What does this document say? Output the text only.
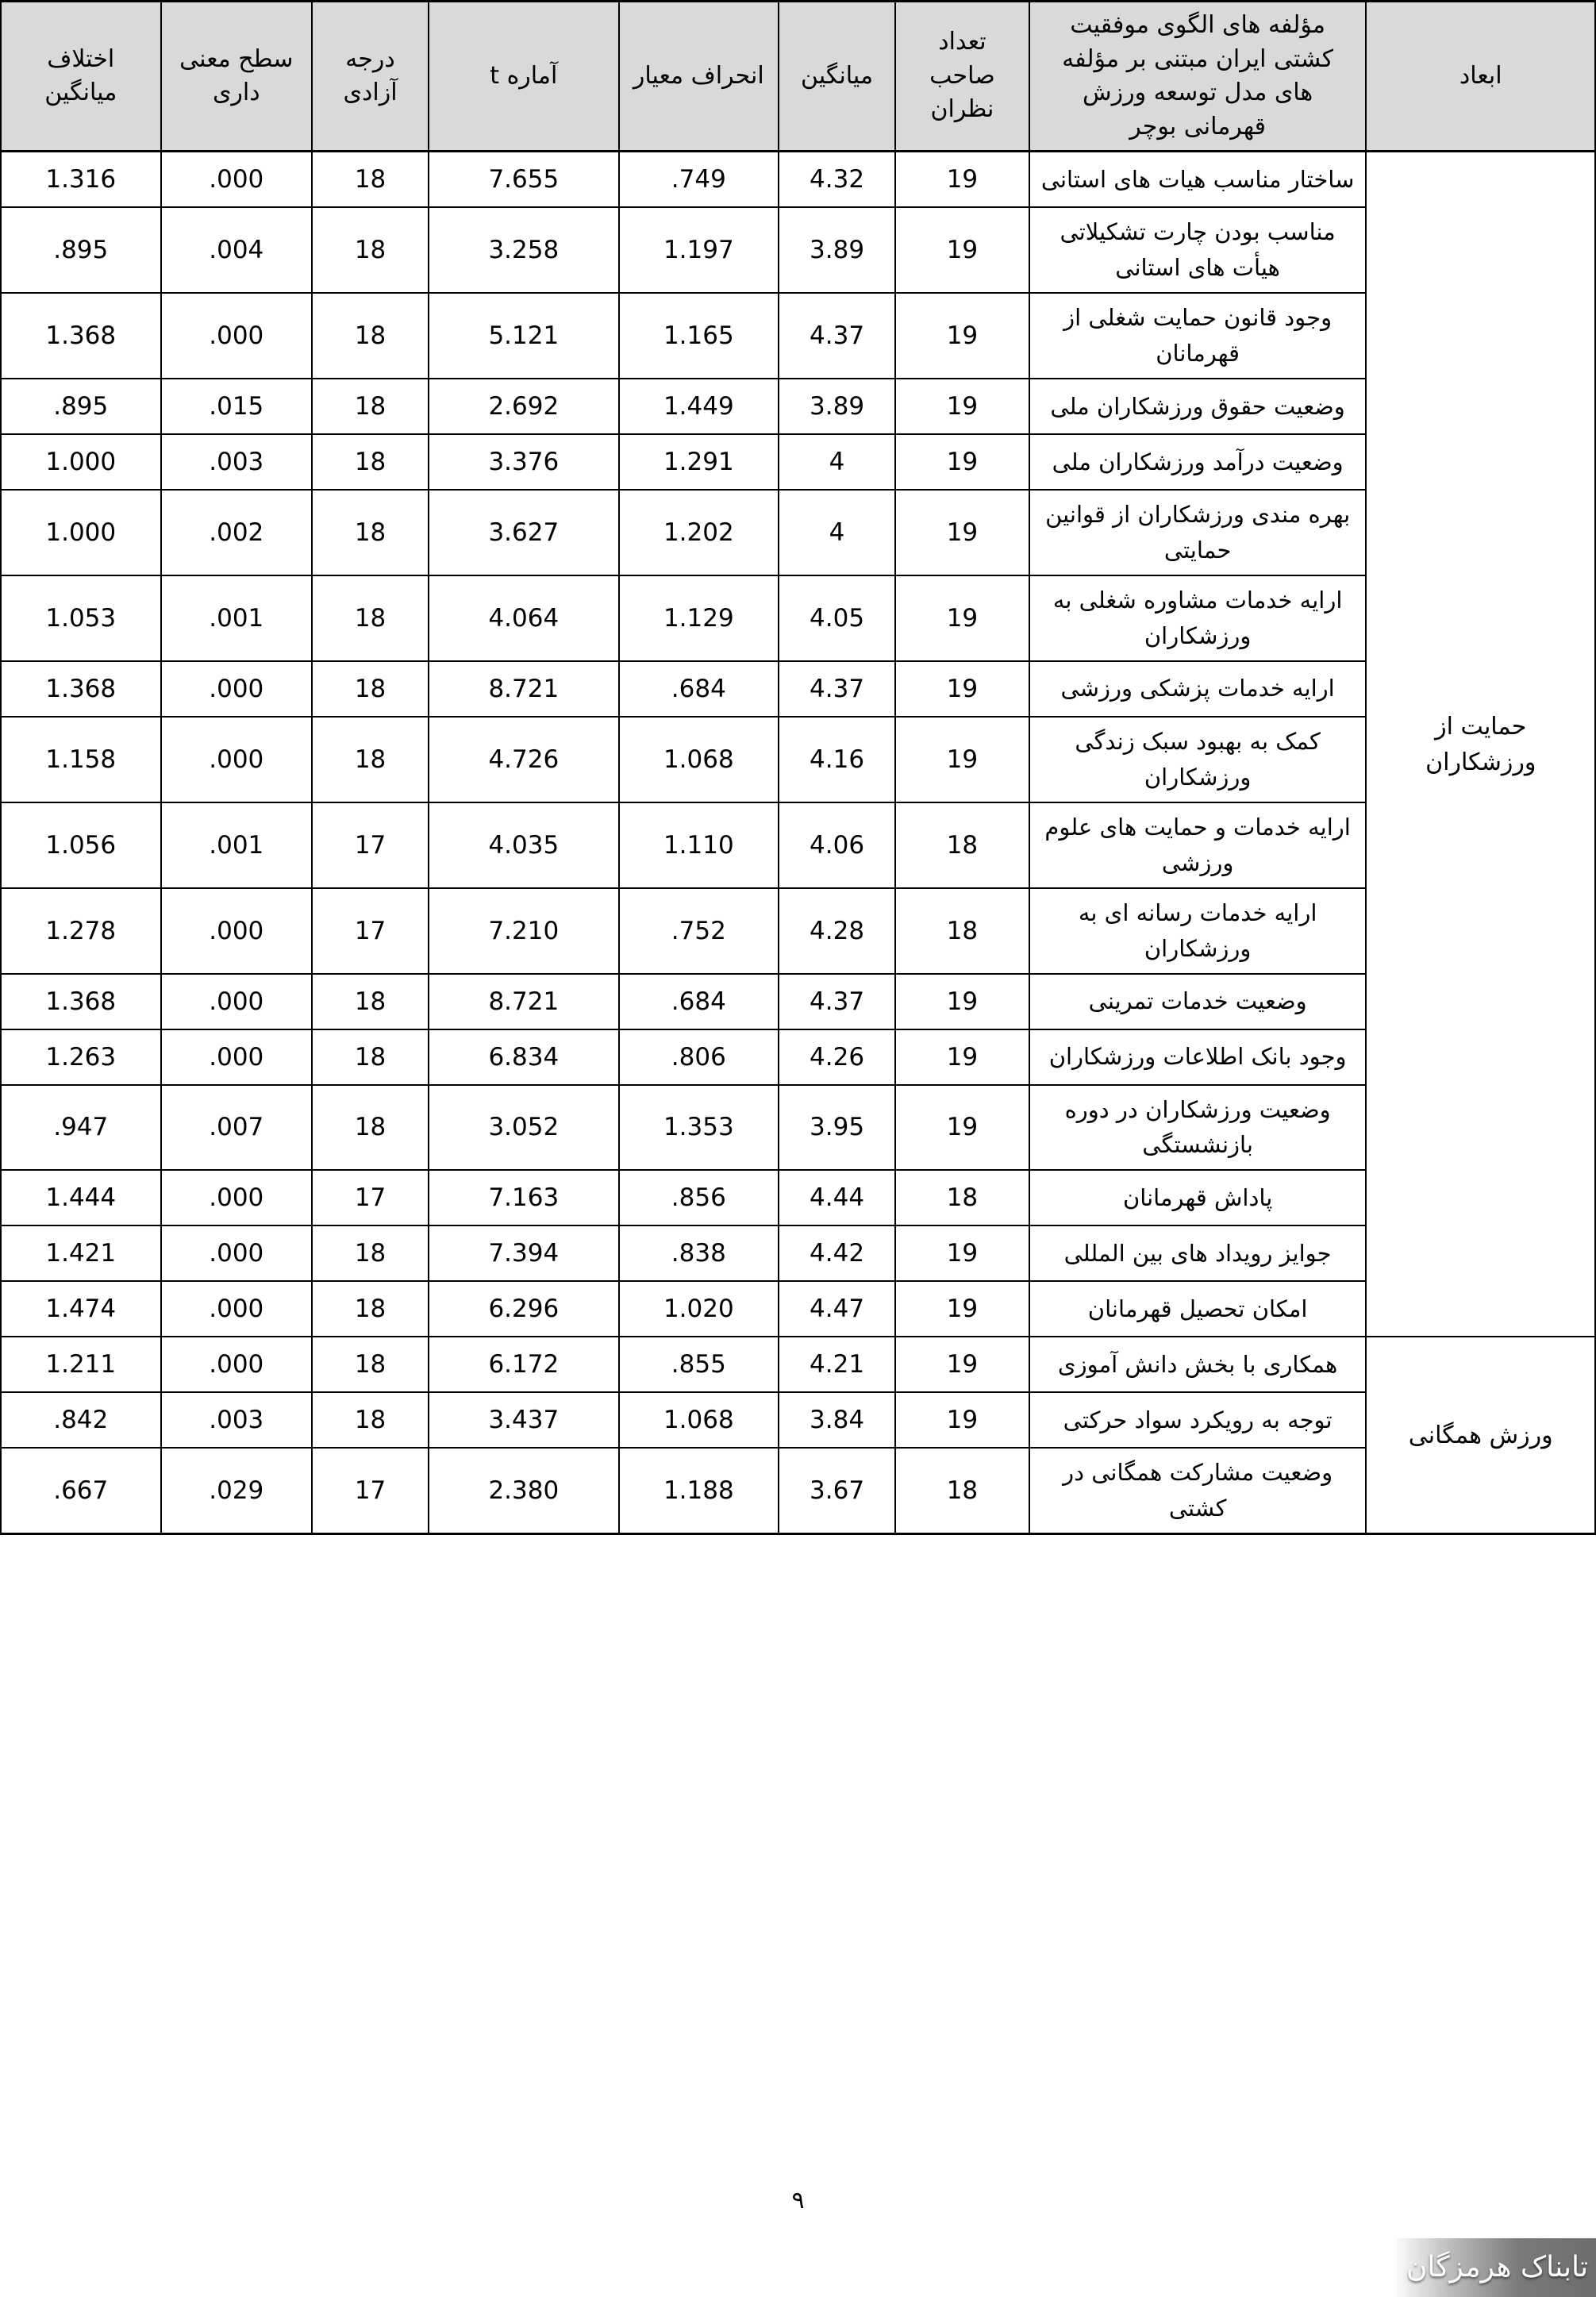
ابعاد	مؤلفه های الگوی موفقیت کشتی ایران مبتنی بر مؤلفه های مدل توسعه ورزش قهرمانی بوچر	تعداد صاحب نظران	میانگین	انحراف معیار	آماره t	درجه آزادی	سطح معنی داری	اختلاف میانگین
حمایت از ورزشکاران	ساختار مناسب هیات های استانی	19	4.32	.749	7.655	18	.000	1.316
	مناسب بودن چارت تشکیلاتی هیأت های استانی	19	3.89	1.197	3.258	18	.004	.895
	وجود قانون حمایت شغلی از قهرمانان	19	4.37	1.165	5.121	18	.000	1.368
	وضعیت حقوق ورزشکاران ملی	19	3.89	1.449	2.692	18	.015	.895
	وضعیت درآمد ورزشکاران ملی	19	4	1.291	3.376	18	.003	1.000
	بهره مندی ورزشکاران از قوانین حمایتی	19	4	1.202	3.627	18	.002	1.000
	ارایه خدمات مشاوره شغلی به ورزشکاران	19	4.05	1.129	4.064	18	.001	1.053
	ارایه خدمات پزشکی ورزشی	19	4.37	.684	8.721	18	.000	1.368
	کمک به بهبود سبک زندگی ورزشکاران	19	4.16	1.068	4.726	18	.000	1.158
	ارایه خدمات و حمایت های علوم ورزشی	18	4.06	1.110	4.035	17	.001	1.056
	ارایه خدمات رسانه ای به ورزشکاران	18	4.28	.752	7.210	17	.000	1.278
	وضعیت خدمات تمرینی	19	4.37	.684	8.721	18	.000	1.368
	وجود بانک اطلاعات ورزشکاران	19	4.26	.806	6.834	18	.000	1.263
	وضعیت ورزشکاران در دوره بازنشستگی	19	3.95	1.353	3.052	18	.007	.947
	پاداش قهرمانان	18	4.44	.856	7.163	17	.000	1.444
	جوایز رویداد های بین المللی	19	4.42	.838	7.394	18	.000	1.421
	امکان تحصیل قهرمانان	19	4.47	1.020	6.296	18	.000	1.474
ورزش همگانی	همکاری با بخش دانش آموزی	19	4.21	.855	6.172	18	.000	1.211
	توجه به رویکرد سواد حرکتی	19	3.84	1.068	3.437	18	.003	.842
	وضعیت مشارکت همگانی در کشتی	18	3.67	1.188	2.380	17	.029	.667
۹
تابناک هرمزگان
